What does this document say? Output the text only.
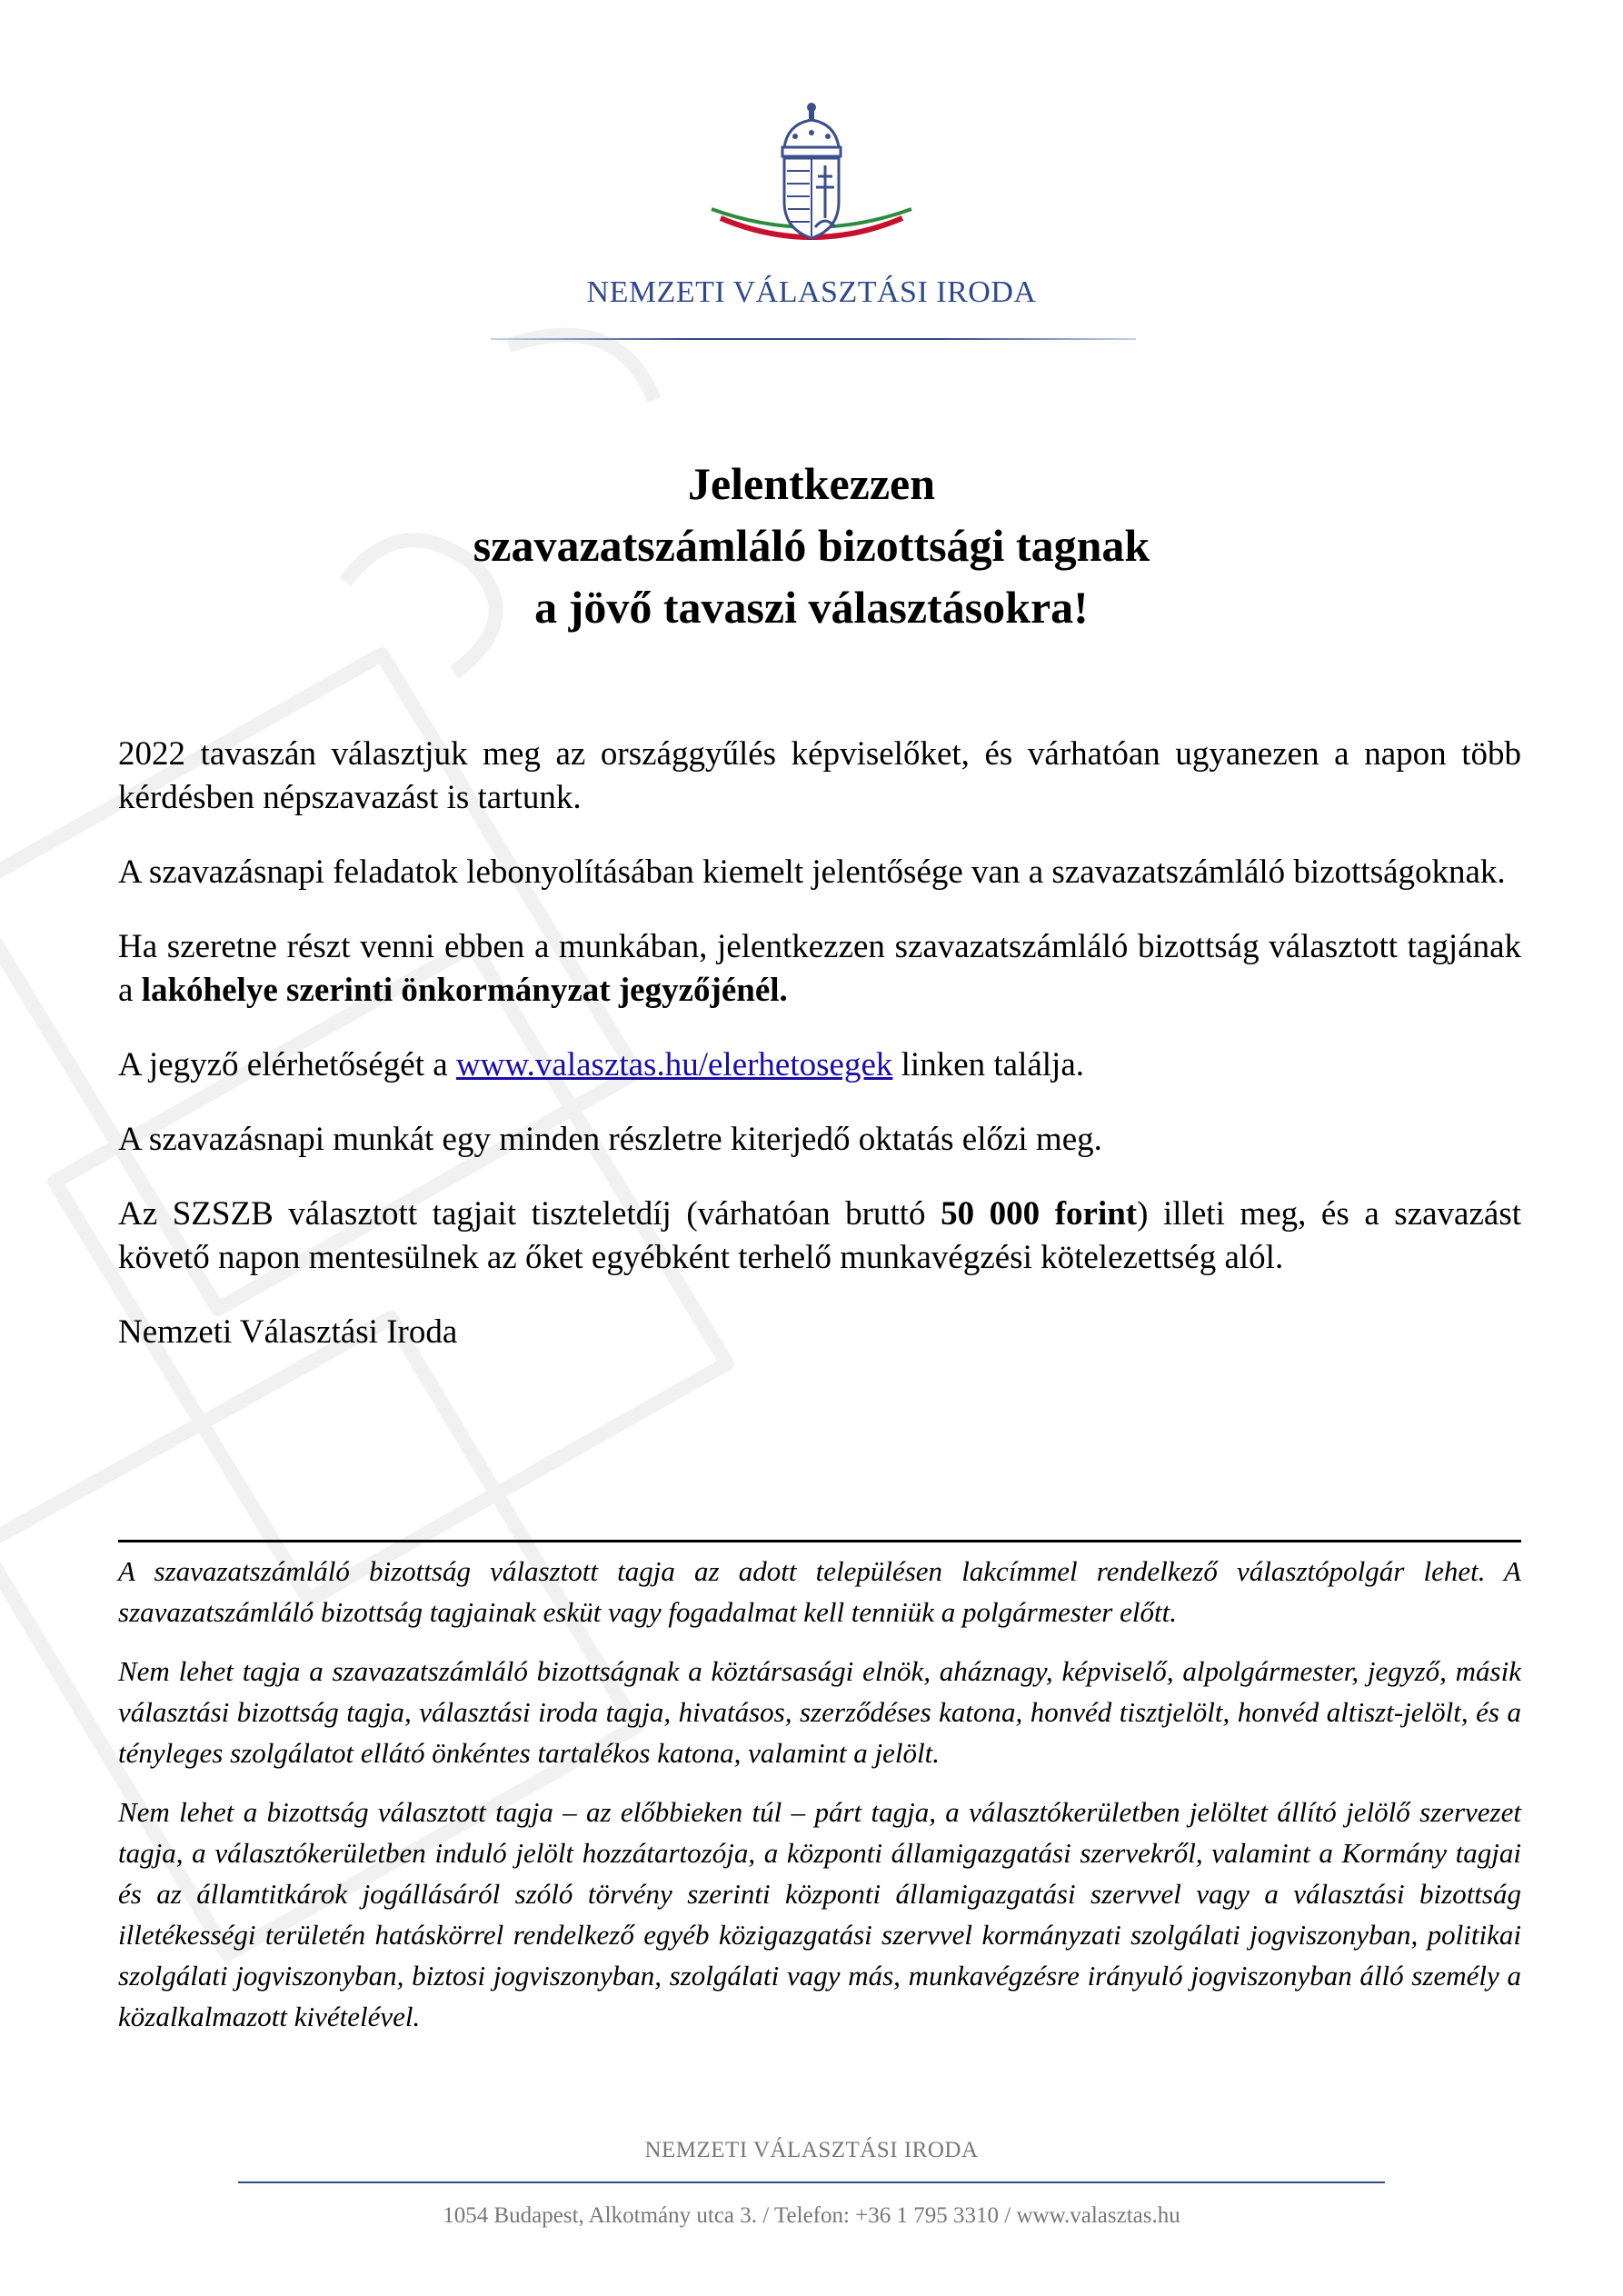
NEMZETI VÁLASZTÁSI IRODA
Jelentkezzen
szavazatszámláló bizottsági tagnak
a jövő tavaszi választásokra!

2022 tavaszán választjuk meg az országgyűlés képviselőket, és várhatóan ugyanezen a napon több kérdésben népszavazást is tartunk.

A szavazásnapi feladatok lebonyolításában kiemelt jelentősége van a szavazatszámláló bizottságoknak.

Ha szeretne részt venni ebben a munkában, jelentkezzen szavazatszámláló bizottság választott tagjának a lakóhelye szerinti önkormányzat jegyzőjénél.

A jegyző elérhetőségét a www.valasztas.hu/elerhetosegek linken találja.

A szavazásnapi munkát egy minden részletre kiterjedő oktatás előzi meg.

Az SZSZB választott tagjait tiszteletdíj (várhatóan bruttó 50 000 forint) illeti meg, és a szavazást követő napon mentesülnek az őket egyébként terhelő munkavégzési kötelezettség alól.

Nemzeti Választási Iroda

A szavazatszámláló bizottság választott tagja az adott településen lakcímmel rendelkező választópolgár lehet. A szavazatszámláló bizottság tagjainak esküt vagy fogadalmat kell tenniük a polgármester előtt.

Nem lehet tagja a szavazatszámláló bizottságnak a köztársasági elnök, aháznagy, képviselő, alpolgármester, jegyző, másik választási bizottság tagja, választási iroda tagja, hivatásos, szerződéses katona, honvéd tisztjelölt, honvéd altiszt-jelölt, és a tényleges szolgálatot ellátó önkéntes tartalékos katona, valamint a jelölt.

Nem lehet a bizottság választott tagja – az előbbieken túl – párt tagja, a választókerületben jelöltet állító jelölő szervezet tagja, a választókerületben induló jelölt hozzátartozója, a központi államigazgatási szervekről, valamint a Kormány tagjai és az államtitkárok jogállásáról szóló törvény szerinti központi államigazgatási szervvel vagy a választási bizottság illetékességi területén hatáskörrel rendelkező egyéb közigazgatási szervvel kormányzati szolgálati jogviszonyban, politikai szolgálati jogviszonyban, biztosi jogviszonyban, szolgálati vagy más, munkavégzésre irányuló jogviszonyban álló személy a közalkalmazott kivételével.

NEMZETI VÁLASZTÁSI IRODA
1054 Budapest, Alkotmány utca 3. / Telefon: +36 1 795 3310 / www.valasztas.hu
